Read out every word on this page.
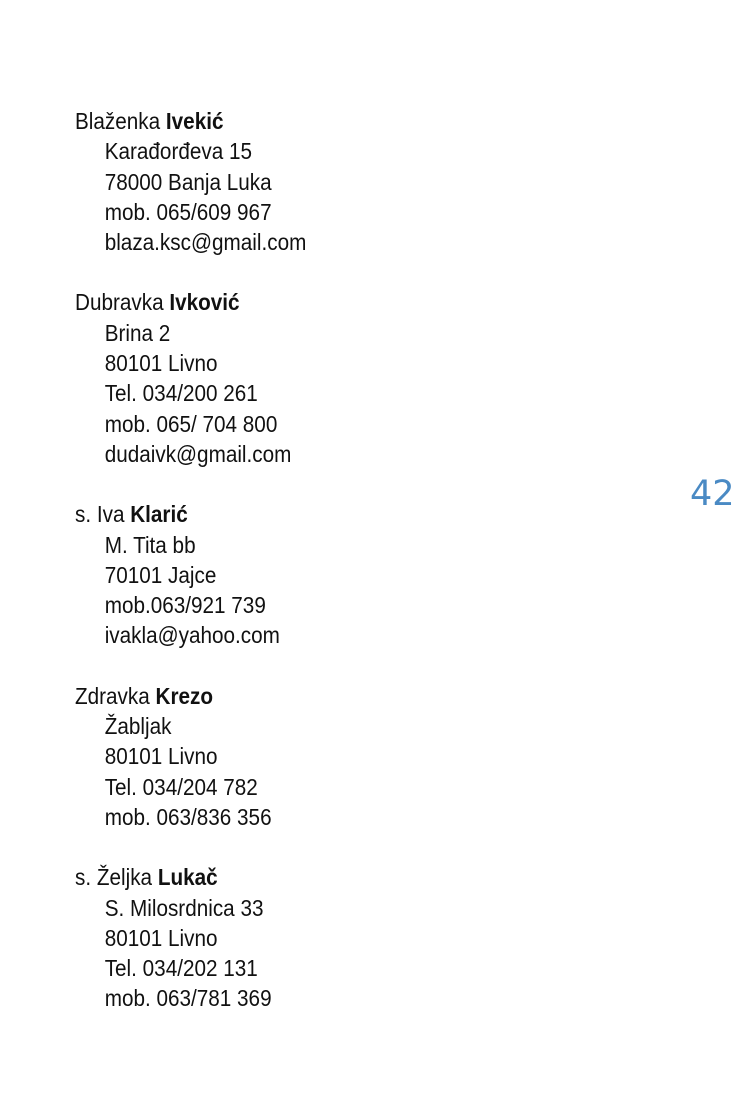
Blaženka Ivekić
Karađorđeva 15
78000 Banja Luka
mob. 065/609 967
blaza.ksc@gmail.com
Dubravka Ivković
Brina 2
80101 Livno
Tel. 034/200 261
mob. 065/ 704 800
dudaivk@gmail.com
s. Iva Klarić
M. Tita bb
70101 Jajce
mob.063/921 739
ivakla@yahoo.com
Zdravka Krezo
Žabljak
80101 Livno
Tel. 034/204 782
mob. 063/836 356
s. Željka Lukač
S. Milosrdnica 33
80101 Livno
Tel. 034/202 131
mob. 063/781 369
42
